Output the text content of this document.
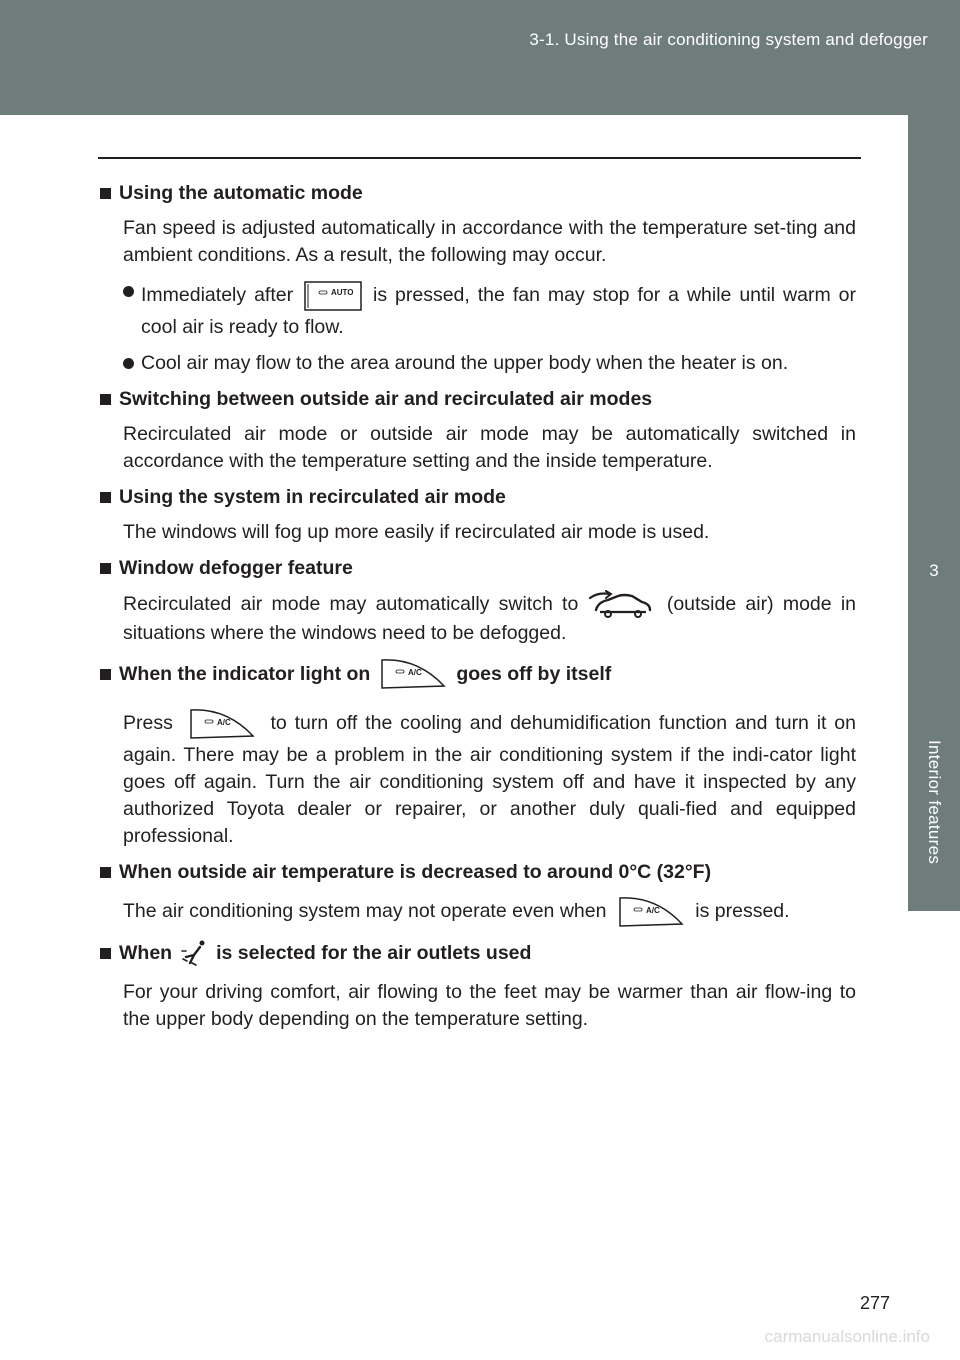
3-1. Using the air conditioning system and defogger
3
Interior features
Using the automatic mode
Fan speed is adjusted automatically in accordance with the temperature set-ting and ambient conditions. As a result, the following may occur.
Immediately after	AUTO is pressed, the fan may stop for a while until warm or cool air is ready to flow.
Cool air may flow to the area around the upper body when the heater is on.
Switching between outside air and recirculated air modes
Recirculated air mode or outside air mode may be automatically switched in accordance with the temperature setting and the inside temperature.
Using the system in recirculated air mode
The windows will fog up more easily if recirculated air mode is used.
Window defogger feature
Recirculated air mode may automatically switch to	(outside air) mode in situations where the windows need to be defogged.
When the indicator light on	A/C goes off by itself
Press	A/C to turn off the cooling and dehumidification function and turn it on again. There may be a problem in the air conditioning system if the indi-cator light goes off again. Turn the air conditioning system off and have it inspected by any authorized Toyota dealer or repairer, or another duly quali-fied and equipped professional.
When outside air temperature is decreased to around 0°C (32°F)
The air conditioning system may not operate even when	A/C is pressed.
When is selected for the air outlets used
For your driving comfort, air flowing to the feet may be warmer than air flow-ing to the upper body depending on the temperature setting.
277
carmanualsonline.info
